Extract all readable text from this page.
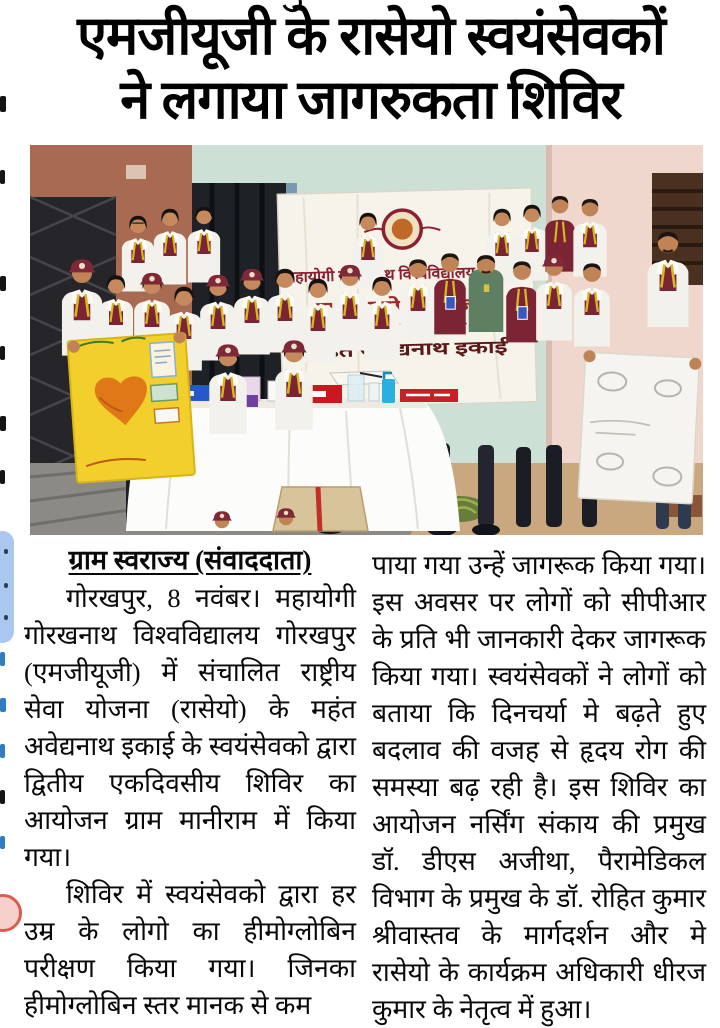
एमजीयूजी के रासेयो स्वयंसेवकों
ने लगाया जागरुकता शिविर
महायोगी गोरखनाथ विश्वविद्यालय गोरखपुर

ग्राम स्वराज्य (संवाददाता)

गोरखपुर, 8 नवंबर। महायोगी गोरखनाथ विश्वविद्यालय गोरखपुर (एमजीयूजी) में संचालित राष्ट्रीय सेवा योजना (रासेयो) के महंत अवेद्यनाथ इकाई के स्वयंसेवको द्वारा द्वितीय एकदिवसीय शिविर का आयोजन ग्राम मानीराम में किया गया।

शिविर में स्वयंसेवको द्वारा हर उम्र के लोगो का हीमोग्लोबिन परीक्षण किया गया। जिनका हीमोग्लोबिन स्तर मानक से कम

पाया गया उन्हें जागरूक किया गया। इस अवसर पर लोगों को सीपीआर के प्रति भी जानकारी देकर जागरूक किया गया। स्वयंसेवकों ने लोगों को बताया कि दिनचर्या मे बढ़ते हुए बदलाव की वजह से हृदय रोग की समस्या बढ़ रही है। इस शिविर का आयोजन नर्सिंग संकाय की प्रमुख डॉ. डीएस अजीथा, पैरामेडिकल विभाग के प्रमुख के डॉ. रोहित कुमार श्रीवास्तव के मार्गदर्शन और मे रासेयो के कार्यक्रम अधिकारी धीरज कुमार के नेतृत्व में हुआ।
